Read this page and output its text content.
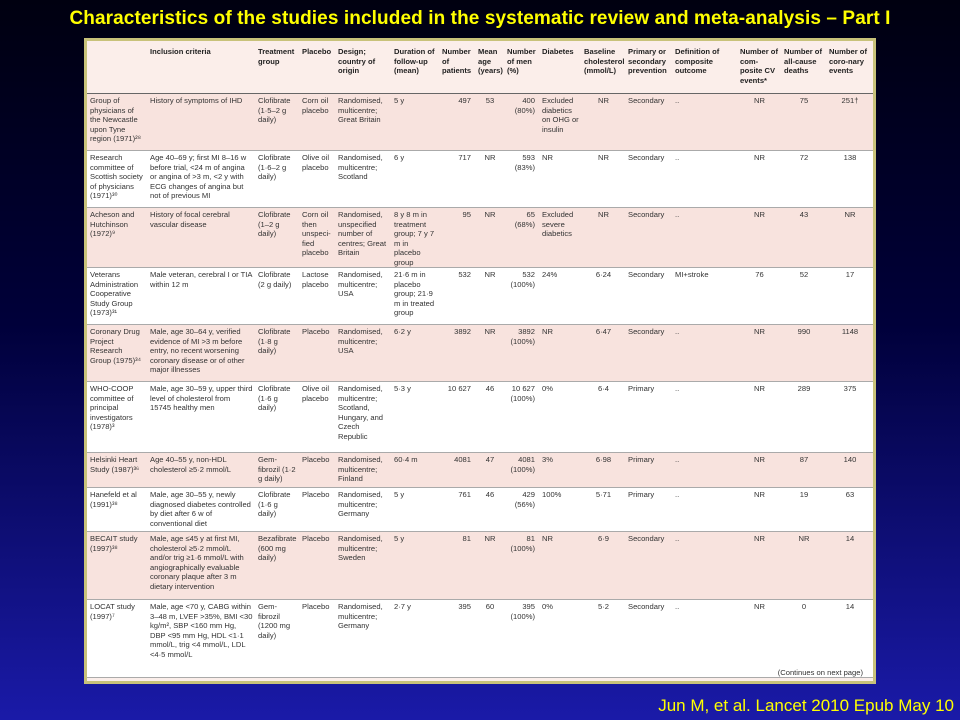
Characteristics of the studies included in the systematic review and meta-analysis – Part I
	Inclusion criteria	Treatment group	Placebo	Design; country of origin	Duration of follow-up (mean)	Number of patients	Mean age (years)	Number of men (%)	Diabetes	Baseline cholesterol (mmol/L)	Primary or secondary prevention	Definition of composite outcome	Number of com-posite CV events*	Number of all-cause deaths	Number of coro-nary events
Group of physicians of the Newcastle upon Tyne region (1971)²⁸	History of symptoms of IHD	Clofibrate (1·5–2 g daily)	Corn oil placebo	Randomised, multicentre; Great Britain	5 y	497	53	400 (80%)	Excluded diabetics on OHG or insulin	NR	Secondary	..	NR	75	251†
Research committee of Scottish society of physicians (1971)³⁰	Age 40–69 y; first MI 8–16 w before trial, <24 m of angina or angina of >3 m, <2 y with ECG changes of angina but not of previous MI	Clofibrate (1·6–2 g daily)	Olive oil placebo	Randomised, multicentre; Scotland	6 y	717	NR	593 (83%)	NR	NR	Secondary	..	NR	72	138
Acheson and Hutchinson (1972)⁹	History of focal cerebral vascular disease	Clofibrate (1–2 g daily)	Corn oil then unspeci-fied placebo	Randomised, unspecified number of centres; Great Britain	8 y 8 m in treatment group; 7 y 7 m in placebo group	95	NR	65 (68%)	Excluded severe diabetics	NR	Secondary	..	NR	43	NR
Veterans Administration Cooperative Study Group (1973)³¹	Male veteran, cerebral I or TIA within 12 m	Clofibrate (2 g daily)	Lactose placebo	Randomised, multicentre; USA	21·6 m in placebo group; 21·9 m in treated group	532	NR	532 (100%)	24%	6·24	Secondary	MI+stroke	76	52	17
Coronary Drug Project Research Group (1975)³⁴	Male, age 30–64 y, verified evidence of MI >3 m before entry, no recent worsening coronary disease or of other major illnesses	Clofibrate (1·8 g daily)	Placebo	Randomised, multicentre; USA	6·2 y	3892	NR	3892 (100%)	NR	6·47	Secondary	..	NR	990	1148
WHO-COOP committee of principal investigators (1978)³	Male, age 30–59 y, upper third level of cholesterol from 15745 healthy men	Clofibrate (1·6 g daily)	Olive oil placebo	Randomised, multicentre; Scotland, Hungary, and Czech Republic	5·3 y	10 627	46	10 627 (100%)	0%	6·4	Primary	..	NR	289	375
Helsinki Heart Study (1987)³⁶	Age 40–55 y, non-HDL cholesterol ≥5·2 mmol/L	Gem-fibrozil (1·2 g daily)	Placebo	Randomised, multicentre; Finland	60·4 m	4081	47	4081 (100%)	3%	6·98	Primary	..	NR	87	140
Hanefeld et al (1991)³⁸	Male, age 30–55 y, newly diagnosed diabetes controlled by diet after 6 w of conventional diet	Clofibrate (1·6 g daily)	Placebo	Randomised, multicentre; Germany	5 y	761	46	429 (56%)	100%	5·71	Primary	..	NR	19	63
BECAIT study (1997)³⁸	Male, age ≤45 y at first MI, cholesterol ≥5·2 mmol/L and/or trig ≥1·6 mmol/L with angiographically evaluable coronary plaque after 3 m dietary intervention	Bezafibrate (600 mg daily)	Placebo	Randomised, multicentre; Sweden	5 y	81	NR	81 (100%)	NR	6·9	Secondary	..	NR	NR	14
LOCAT study (1997)⁷	Male, age <70 y, CABG within 3–48 m, LVEF >35%, BMI <30 kg/m², SBP <160 mm Hg, DBP <95 mm Hg, HDL <1·1 mmol/L, trig <4 mmol/L, LDL <4·5 mmol/L	Gem-fibrozil (1200 mg daily)	Placebo	Randomised, multicentre; Germany	2·7 y	395	60	395 (100%)	0%	5·2	Secondary	..	NR	0	14
(Continues on next page)
Jun M, et al. Lancet 2010 Epub May 10
